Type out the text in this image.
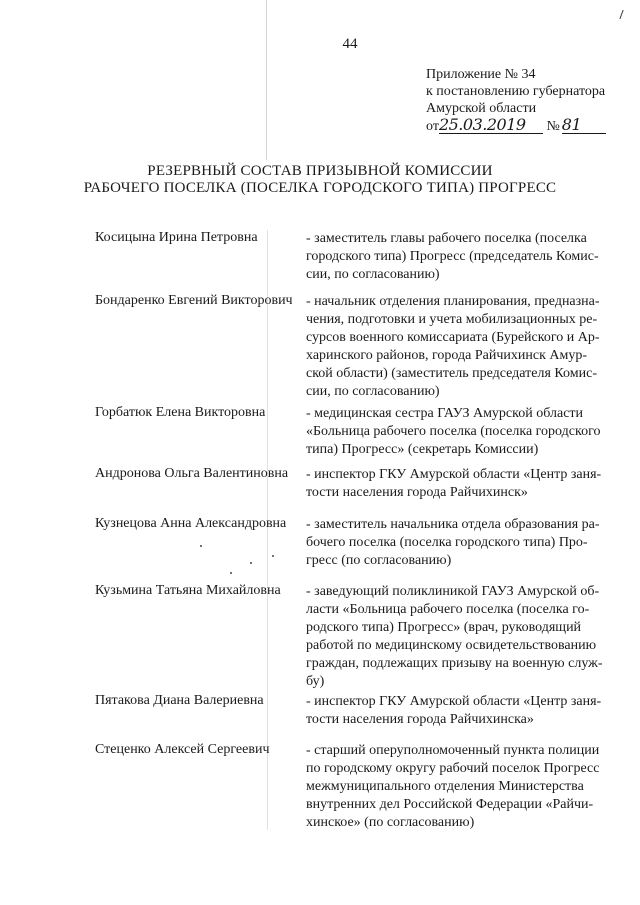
44
Приложение № 34
к постановлению губернатора
Амурской области
от25.03.2019 № 81
РЕЗЕРВНЫЙ СОСТАВ ПРИЗЫВНОЙ КОМИССИИ
РАБОЧЕГО ПОСЕЛКА (ПОСЕЛКА ГОРОДСКОГО ТИПА) ПРОГРЕСС
Косицына Ирина Петровна	- заместитель главы рабочего поселка (поселка
городского типа) Прогресс (председатель Комис-
сии, по согласованию)
Бондаренко Евгений Викторович - начальник отделения планирования, предназна-
чения, подготовки и учета мобилизационных ре-
сурсов военного комиссариата (Бурейского и Ар-
харинского районов, города Райчихинск Амур-
ской области) (заместитель председателя Комис-
сии, по согласованию)
Горбатюк Елена Викторовна	- медицинская сестра ГАУЗ Амурской области
«Больница рабочего поселка (поселка городского
типа) Прогресс» (секретарь Комиссии)
Андронова Ольга Валентиновна	- инспектор ГКУ Амурской области «Центр заня-
тости населения города Райчихинск»
Кузнецова Анна Александровна	- заместитель начальника отдела образования ра-
бочего поселка (поселка городского типа) Про-
гресс (по согласованию)
Кузьмина Татьяна Михайловна	- заведующий поликлиникой ГАУЗ Амурской об-
ласти «Больница рабочего поселка (поселка го-
родского типа) Прогресс» (врач, руководящий
работой по медицинскому освидетельствованию
граждан, подлежащих призыву на военную служ-
бу)
Пятакова Диана Валериевна	- инспектор ГКУ Амурской области «Центр заня-
тости населения города Райчихинска»
Стеценко Алексей Сергеевич	- старший оперуполномоченный пункта полиции
по городскому округу рабочий поселок Прогресс
межмуниципального отделения Министерства
внутренних дел Российской Федерации «Райчи-
хинское» (по согласованию)
